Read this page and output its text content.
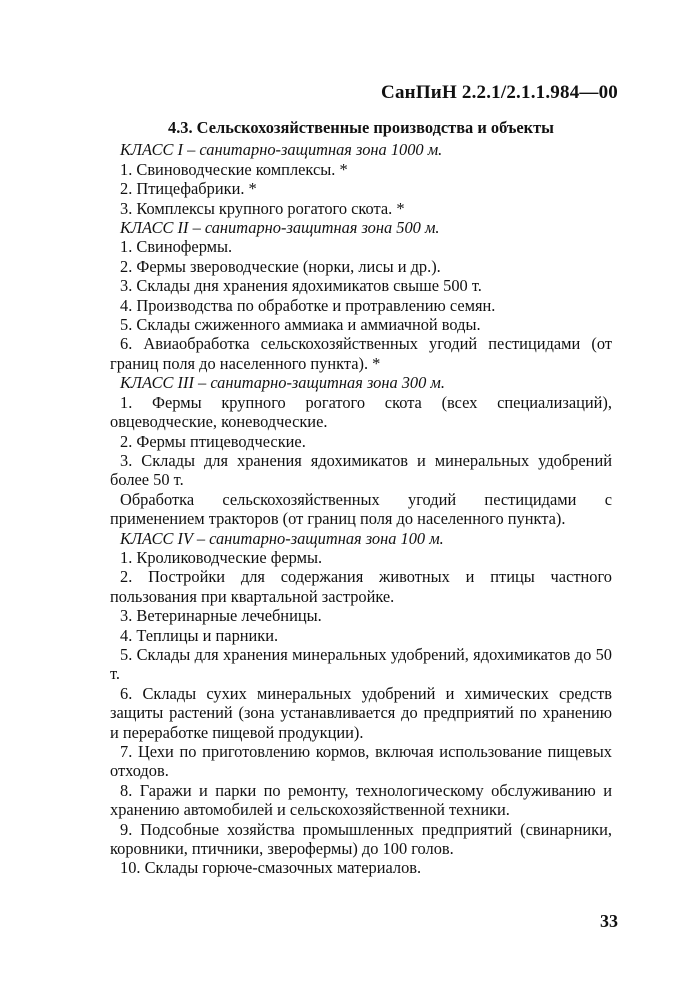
СанПиН 2.2.1/2.1.1.984—00
4.3. Сельскохозяйственные производства и объекты
КЛАСС I – санитарно-защитная зона 1000 м.
1. Свиноводческие комплексы. *
2. Птицефабрики. *
3. Комплексы крупного рогатого скота. *
КЛАСС II – санитарно-защитная зона 500 м.
1. Свинофермы.
2. Фермы звероводческие (норки, лисы и др.).
3. Склады дня хранения ядохимикатов свыше 500 т.
4. Производства по обработке и протравлению семян.
5. Склады сжиженного аммиака и аммиачной воды.
6. Авиаобработка сельскохозяйственных угодий пестицидами (от границ поля до населенного пункта). *
КЛАСС III – санитарно-защитная зона 300 м.
1. Фермы крупного рогатого скота (всех специализаций), овцеводческие, коневодческие.
2. Фермы птицеводческие.
3. Склады для хранения ядохимикатов и минеральных удобрений более 50 т.
Обработка сельскохозяйственных угодий пестицидами с применением тракторов (от границ поля до населенного пункта).
КЛАСС IV – санитарно-защитная зона 100 м.
1. Кролиководческие фермы.
2. Постройки для содержания животных и птицы частного пользования при квартальной застройке.
3. Ветеринарные лечебницы.
4. Теплицы и парники.
5. Склады для хранения минеральных удобрений, ядохимикатов до 50 т.
6. Склады сухих минеральных удобрений и химических средств защиты растений (зона устанавливается до предприятий по хранению и переработке пищевой продукции).
7. Цехи по приготовлению кормов, включая использование пищевых отходов.
8. Гаражи и парки по ремонту, технологическому обслуживанию и хранению автомобилей и сельскохозяйственной техники.
9. Подсобные хозяйства промышленных предприятий (свинарники, коровники, птичники, зверофермы) до 100 голов.
10. Склады горюче-смазочных материалов.
33
